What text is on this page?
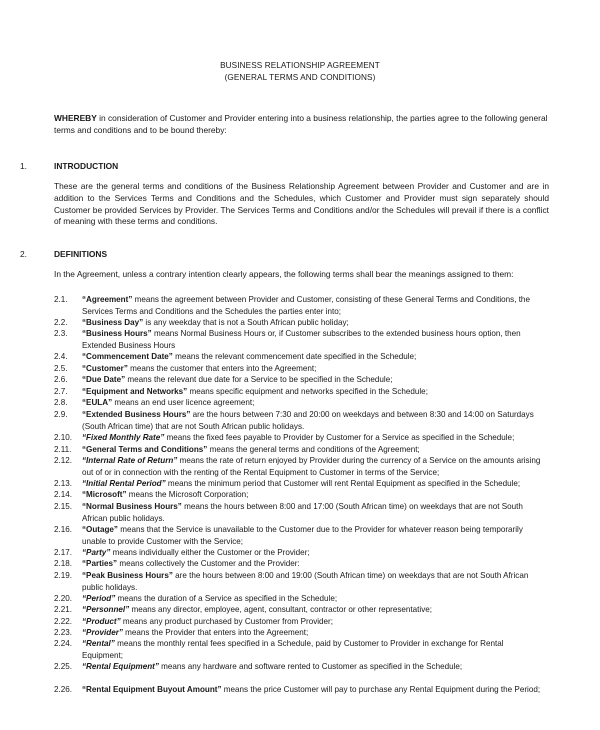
BUSINESS RELATIONSHIP AGREEMENT
(GENERAL TERMS AND CONDITIONS)
WHEREBY in consideration of Customer and Provider entering into a business relationship, the parties agree to the following general terms and conditions and to be bound thereby:
1.	INTRODUCTION
These are the general terms and conditions of the Business Relationship Agreement between Provider and Customer and are in addition to the Services Terms and Conditions and the Schedules, which Customer and Provider must sign separately should Customer be provided Services by Provider. The Services Terms and Conditions and/or the Schedules will prevail if there is a conflict of meaning with these terms and conditions.
2.	DEFINITIONS
In the Agreement, unless a contrary intention clearly appears, the following terms shall bear the meanings assigned to them:
2.1.	“Agreement” means the agreement between Provider and Customer, consisting of these General Terms and Conditions, the Services Terms and Conditions and the Schedules the parties enter into;
2.2.	“Business Day” is any weekday that is not a South African public holiday;
2.3.	“Business Hours” means Normal Business Hours or, if Customer subscribes to the extended business hours option, then Extended Business Hours
2.4.	“Commencement Date” means the relevant commencement date specified in the Schedule;
2.5.	“Customer” means the customer that enters into the Agreement;
2.6.	“Due Date” means the relevant due date for a Service to be specified in the Schedule;
2.7.	“Equipment and Networks” means specific equipment and networks specified in the Schedule;
2.8.	“EULA” means an end user licence agreement;
2.9.	“Extended Business Hours” are the hours between 7:30 and 20:00 on weekdays and between 8:30 and 14:00 on Saturdays (South African time) that are not South African public holidays.
2.10.	“Fixed Monthly Rate” means the fixed fees payable to Provider by Customer for a Service as specified in the Schedule;
2.11.	“General Terms and Conditions” means the general terms and conditions of the Agreement;
2.12.	“Internal Rate of Return” means the rate of return enjoyed by Provider during the currency of a Service on the amounts arising out of or in connection with the renting of the Rental Equipment to Customer in terms of the Service;
2.13.	“Initial Rental Period” means the minimum period that Customer will rent Rental Equipment as specified in the Schedule;
2.14.	“Microsoft” means the Microsoft Corporation;
2.15.	“Normal Business Hours” means the hours between 8:00 and 17:00 (South African time) on weekdays that are not South African public holidays.
2.16.	“Outage” means that the Service is unavailable to the Customer due to the Provider for whatever reason being temporarily unable to provide Customer with the Service;
2.17.	“Party” means individually either the Customer or the Provider;
2.18.	“Parties” means collectively the Customer and the Provider:
2.19.	“Peak Business Hours” are the hours between 8:00 and 19:00 (South African time) on weekdays that are not South African public holidays.
2.20.	“Period” means the duration of a Service as specified in the Schedule;
2.21.	“Personnel” means any director, employee, agent, consultant, contractor or other representative;
2.22.	“Product” means any product purchased by Customer from Provider;
2.23.	“Provider” means the Provider that enters into the Agreement;
2.24.	“Rental” means the monthly rental fees specified in a Schedule, paid by Customer to Provider in exchange for Rental Equipment;
2.25.	“Rental Equipment” means any hardware and software rented to Customer as specified in the Schedule;
2.26.	“Rental Equipment Buyout Amount” means the price Customer will pay to purchase any Rental Equipment during the Period;
